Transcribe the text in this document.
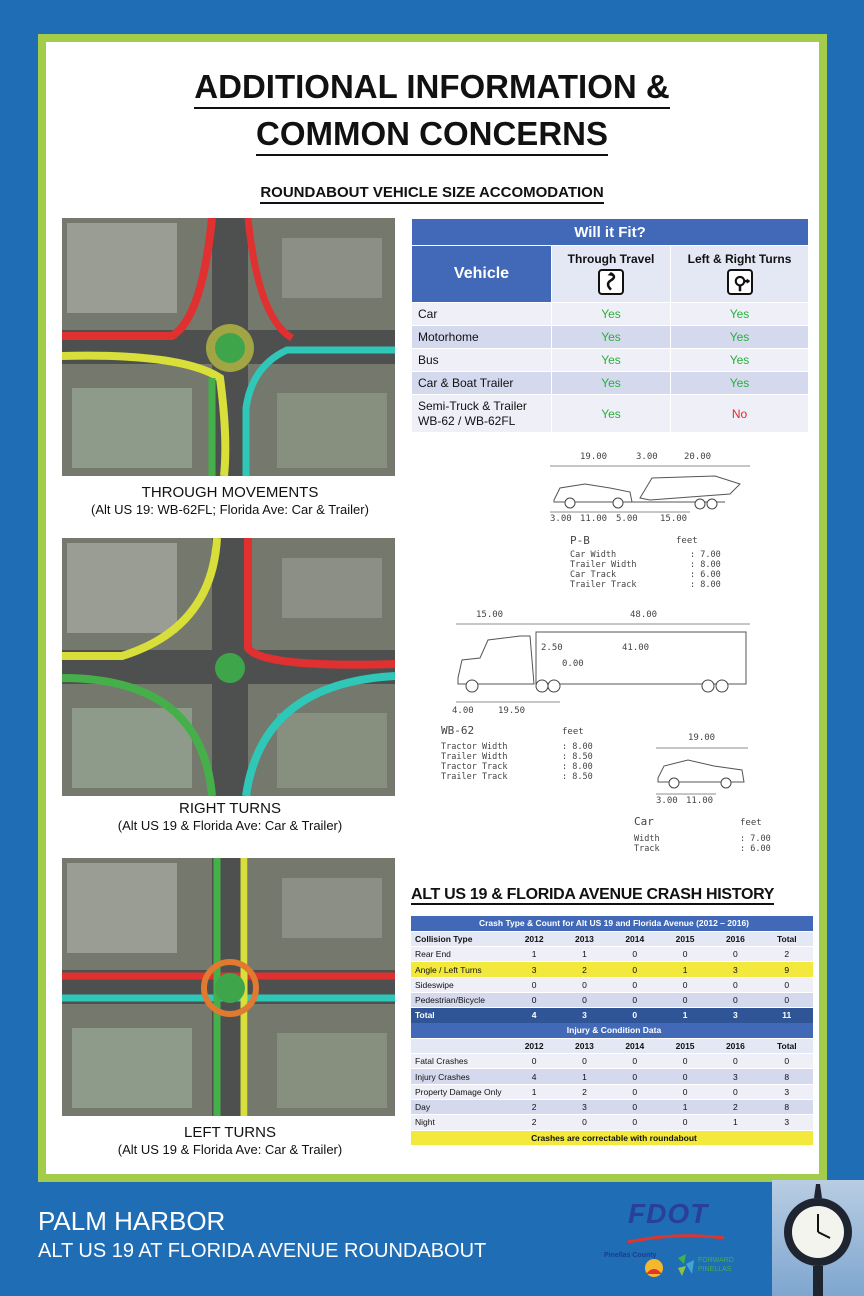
ADDITIONAL INFORMATION &
COMMON CONCERNS
ROUNDABOUT VEHICLE SIZE ACCOMODATION
THROUGH MOVEMENTS
(Alt US 19: WB-62FL; Florida Ave: Car & Trailer)
RIGHT TURNS
(Alt US 19 & Florida Ave: Car & Trailer)
LEFT TURNS
(Alt US 19 & Florida Ave: Car & Trailer)
Will it Fit?		
Vehicle	Through Travel	Left & Right Turns

Car	Yes	Yes
Motorhome	Yes	Yes
Bus	Yes	Yes
Car & Boat Trailer	Yes	Yes

Semi-Truck & Trailer
WB-62 / WB-62FL	Yes	No
19.00	3.00	20.00
3.00 11.00 5.00 15.00
P-B	feet
Car Width
Trailer Width
Car Track
Trailer Track
: 7.00
: 8.00
: 6.00
: 8.00
15.00	48.00
2.50	41.00
0.00
4.00	19.50
WB-62	feet
Tractor Width
Trailer Width
Tractor Track
Trailer Track
: 8.00
: 8.50
: 8.00
: 8.50
19.00
3.00 11.00
Car	feet
Width
Track
: 7.00
: 6.00
ALT US 19 & FLORIDA AVENUE CRASH HISTORY
Crash Type & Count for Alt US 19 and Florida Avenue (2012 – 2016)						
Collision Type	2012	2013	2014	2015	2016	Total
Rear End	1	1	0	0	0	2
Angle / Left Turns	3	2	0	1	3	9
Sideswipe	0	0	0	0	0	0
Pedestrian/Bicycle	0	0	0	0	0	0
Total	4	3	0	1	3	11
Injury & Condition Data						
	2012	2013	2014	2015	2016	Total
Fatal Crashes	0	0	0	0	0	0
Injury Crashes	4	1	0	0	3	8
Property Damage Only	1	2	0	0	0	3
Day	2	3	0	1	2	8
Night	2	0	0	0	1	3
Crashes are correctable with roundabout						
PALM HARBOR
ALT US 19 AT FLORIDA AVENUE ROUNDABOUT
FDOT
Pinellas County
FORWARD PINELLAS
